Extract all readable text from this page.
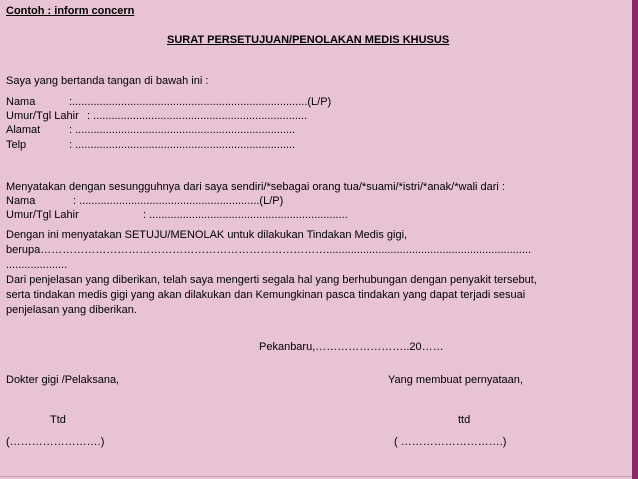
Contoh : inform concern
SURAT PERSETUJUAN/PENOLAKAN MEDIS KHUSUS
Saya yang bertanda tangan di bawah ini :
Nama	:.............................................................................(L/P)
Umur/Tgl Lahir : ......................................................................
Alamat	: ........................................................................
Telp	: ........................................................................
Menyatakan dengan sesungguhnya dari saya sendiri/*sebagai orang tua/*suami/*istri/*anak/*wali dari :
Nama	: ...........................................................(L/P)
Umur/Tgl Lahir	: .................................................................
Dengan ini menyatakan SETUJU/MENOLAK untuk dilakukan Tindakan Medis gigi,
berupa……………………………………………………………………...................................................................
....................
Dari penjelasan yang diberikan, telah saya mengerti segala hal yang berhubungan dengan penyakit tersebut,
serta tindakan medis gigi yang akan dilakukan dan Kemungkinan pasca tindakan yang dapat terjadi sesuai
penjelasan yang diberikan.
Pekanbaru,……………………..20……
Dokter gigi /Pelaksana,	Yang membuat pernyataan,
Ttd	ttd
(…………………….)	( ……………………….)
